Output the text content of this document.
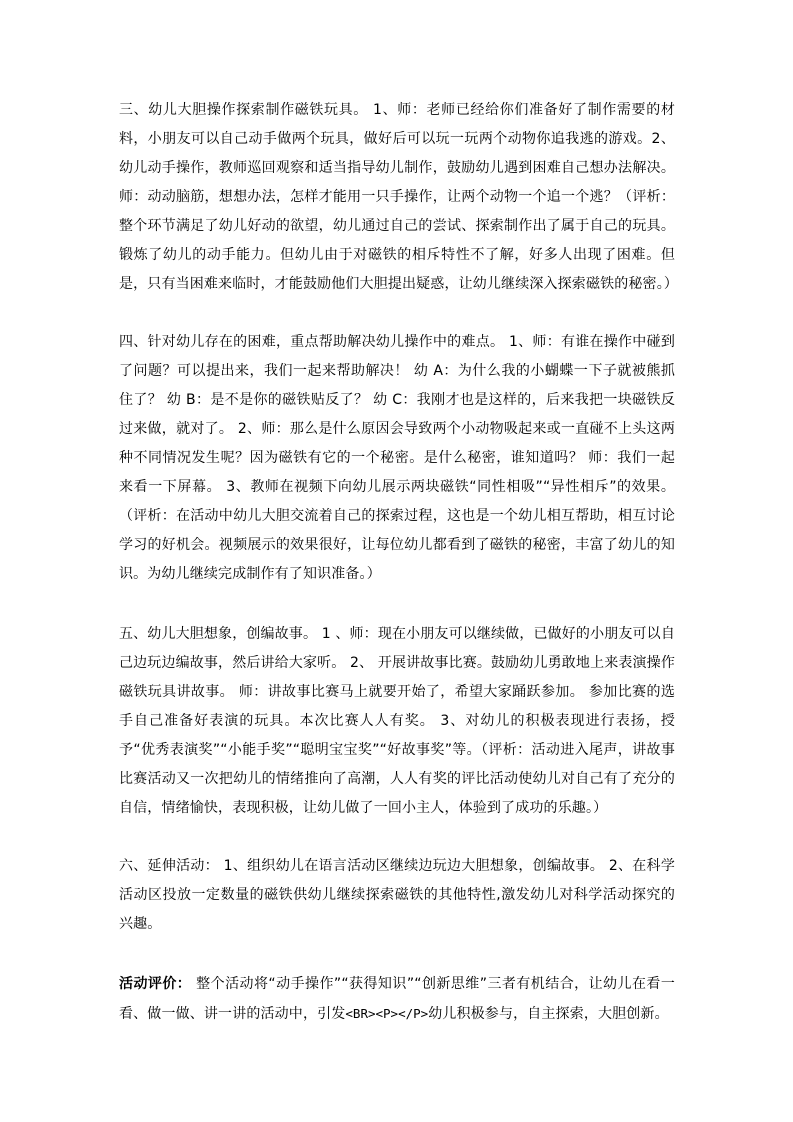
三、幼儿大胆操作探索制作磁铁玩具。 1、师：老师已经给你们准备好了制作需要的材料，小朋友可以自己动手做两个玩具，做好后可以玩一玩两个动物你追我逃的游戏。2、幼儿动手操作，教师巡回观察和适当指导幼儿制作，鼓励幼儿遇到困难自己想办法解决。 师：动动脑筋，想想办法，怎样才能用一只手操作，让两个动物一个追一个逃？（评析：整个环节满足了幼儿好动的欲望，幼儿通过自己的尝试、探索制作出了属于自己的玩具。锻炼了幼儿的动手能力。但幼儿由于对磁铁的相斥特性不了解，好多人出现了困难。但是，只有当困难来临时，才能鼓励他们大胆提出疑惑，让幼儿继续深入探索磁铁的秘密。）

四、针对幼儿存在的困难，重点帮助解决幼儿操作中的难点。 1、师：有谁在操作中碰到了问题？可以提出来，我们一起来帮助解决！ 幼 A：为什么我的小蝴蝶一下子就被熊抓住了？ 幼 B：是不是你的磁铁贴反了？ 幼 C：我刚才也是这样的，后来我把一块磁铁反过来做，就对了。 2、师：那么是什么原因会导致两个小动物吸起来或一直碰不上头这两种不同情况发生呢？因为磁铁有它的一个秘密。是什么秘密，谁知道吗？ 师：我们一起来看一下屏幕。 3、教师在视频下向幼儿展示两块磁铁“同性相吸”“异性相斥”的效果。（评析：在活动中幼儿大胆交流着自己的探索过程，这也是一个幼儿相互帮助，相互讨论学习的好机会。视频展示的效果很好，让每位幼儿都看到了磁铁的秘密，丰富了幼儿的知识。为幼儿继续完成制作有了知识准备。）

五、幼儿大胆想象，创编故事。 1 、师：现在小朋友可以继续做，已做好的小朋友可以自己边玩边编故事，然后讲给大家听。 2、 开展讲故事比赛。鼓励幼儿勇敢地上来表演操作磁铁玩具讲故事。 师：讲故事比赛马上就要开始了，希望大家踊跃参加。 参加比赛的选手自己准备好表演的玩具。本次比赛人人有奖。 3、对幼儿的积极表现进行表扬，授予“优秀表演奖”“小能手奖”“聪明宝宝奖”“好故事奖”等。（评析：活动进入尾声，讲故事比赛活动又一次把幼儿的情绪推向了高潮，人人有奖的评比活动使幼儿对自己有了充分的自信，情绪愉快，表现积极，让幼儿做了一回小主人，体验到了成功的乐趣。）

六、延伸活动： 1、组织幼儿在语言活动区继续边玩边大胆想象，创编故事。 2、在科学活动区投放一定数量的磁铁供幼儿继续探索磁铁的其他特性,激发幼儿对科学活动探究的兴趣。

活动评价： 整个活动将“动手操作”“获得知识”“创新思维”三者有机结合，让幼儿在看一看、做一做、讲一讲的活动中，引发<BR><P></P>幼儿积极参与，自主探索，大胆创新。
